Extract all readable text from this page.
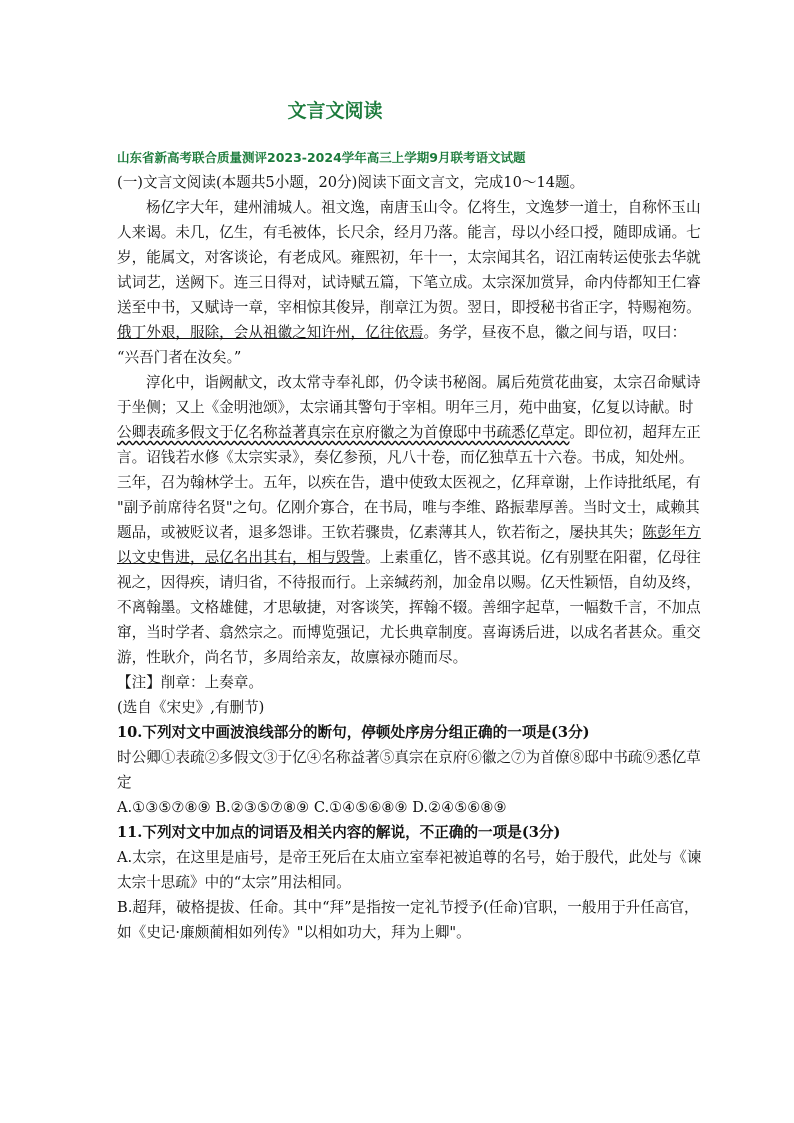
文言文阅读
山东省新高考联合质量测评2023-2024学年高三上学期9月联考语文试题
(一)文言文阅读(本题共5小题，20分)阅读下面文言文，完成10～14题。
杨亿字大年，建州浦城人。祖文逸，南唐玉山令。亿将生，文逸梦一道士，自称怀玉山
人来谒。未几，亿生，有毛被体，长尺余，经月乃落。能言，母以小经口授，随即成诵。七
岁，能属文，对客谈论，有老成风。雍熙初，年十一，太宗闻其名，诏江南转运使张去华就
试词艺，送阙下。连三日得对，试诗赋五篇，下笔立成。太宗深加赏异，命内侍都知王仁睿
送至中书，又赋诗一章，宰相惊其俊异，削章江为贺。翌日，即授秘书省正字，特赐袍笏。
俄丁外艰，服除，会从祖徽之知许州，亿往依焉。务学，昼夜不息，徽之间与语，叹曰：
“兴吾门者在汝矣。”
淳化中，诣阙献文，改太常寺奉礼郎，仍令读书秘阁。属后苑赏花曲宴，太宗召命赋诗
于坐侧；又上《金明池颂》，太宗诵其警句于宰相。明年三月，苑中曲宴，亿复以诗献。时
公卿表疏多假文于亿名称益著真宗在京府徽之为首僚邸中书疏悉亿草定。即位初，超拜左正
言。诏钱若水修《太宗实录》，奏亿参预，凡八十卷，而亿独草五十六卷。书成，知处州。
三年，召为翰林学士。五年，以疾在告，遣中使致太医视之，亿拜章谢，上作诗批纸尾，有
"副予前席待名贤"之句。亿刚介寡合，在书局，唯与李维、路振辈厚善。当时文士，咸赖其
题品，或被贬议者，退多怨诽。王钦若骤贵，亿素薄其人，钦若衔之，屡抉其失；陈彭年方
以文史售进，忌亿名出其右，相与毁訾。上素重亿，皆不惑其说。亿有别墅在阳翟，亿母往
视之，因得疾，请归省，不待报而行。上亲缄药剂，加金帛以赐。亿天性颖悟，自幼及终，
不离翰墨。文格雄健，才思敏捷，对客谈笑，挥翰不辍。善细字起草，一幅数千言，不加点
窜，当时学者、翕然宗之。而博览强记，尤长典章制度。喜诲诱后进，以成名者甚众。重交
游，性耿介，尚名节，多周给亲友，故廪禄亦随而尽。
【注】削章：上奏章。
(选自《宋史》,有删节)
10.下列对文中画波浪线部分的断句，停顿处序房分组正确的一项是(3分)
时公卿①表疏②多假文③于亿④名称益著⑤真宗在京府⑥徽之⑦为首僚⑧邸中书疏⑨悉亿草
定
A.①③⑤⑦⑧⑨ B.②③⑤⑦⑧⑨ C.①④⑤⑥⑧⑨ D.②④⑤⑥⑧⑨
11.下列对文中加点的词语及相关内容的解说，不正确的一项是(3分)
A.太宗，在这里是庙号，是帝王死后在太庙立室奉祀被追尊的名号，始于殷代，此处与《谏
太宗十思疏》中的“太宗”用法相同。
B.超拜，破格提拔、任命。其中“拜”是指按一定礼节授予(任命)官职，一般用于升任高官，
如《史记·廉颇蔺相如列传》"以相如功大，拜为上卿"。
